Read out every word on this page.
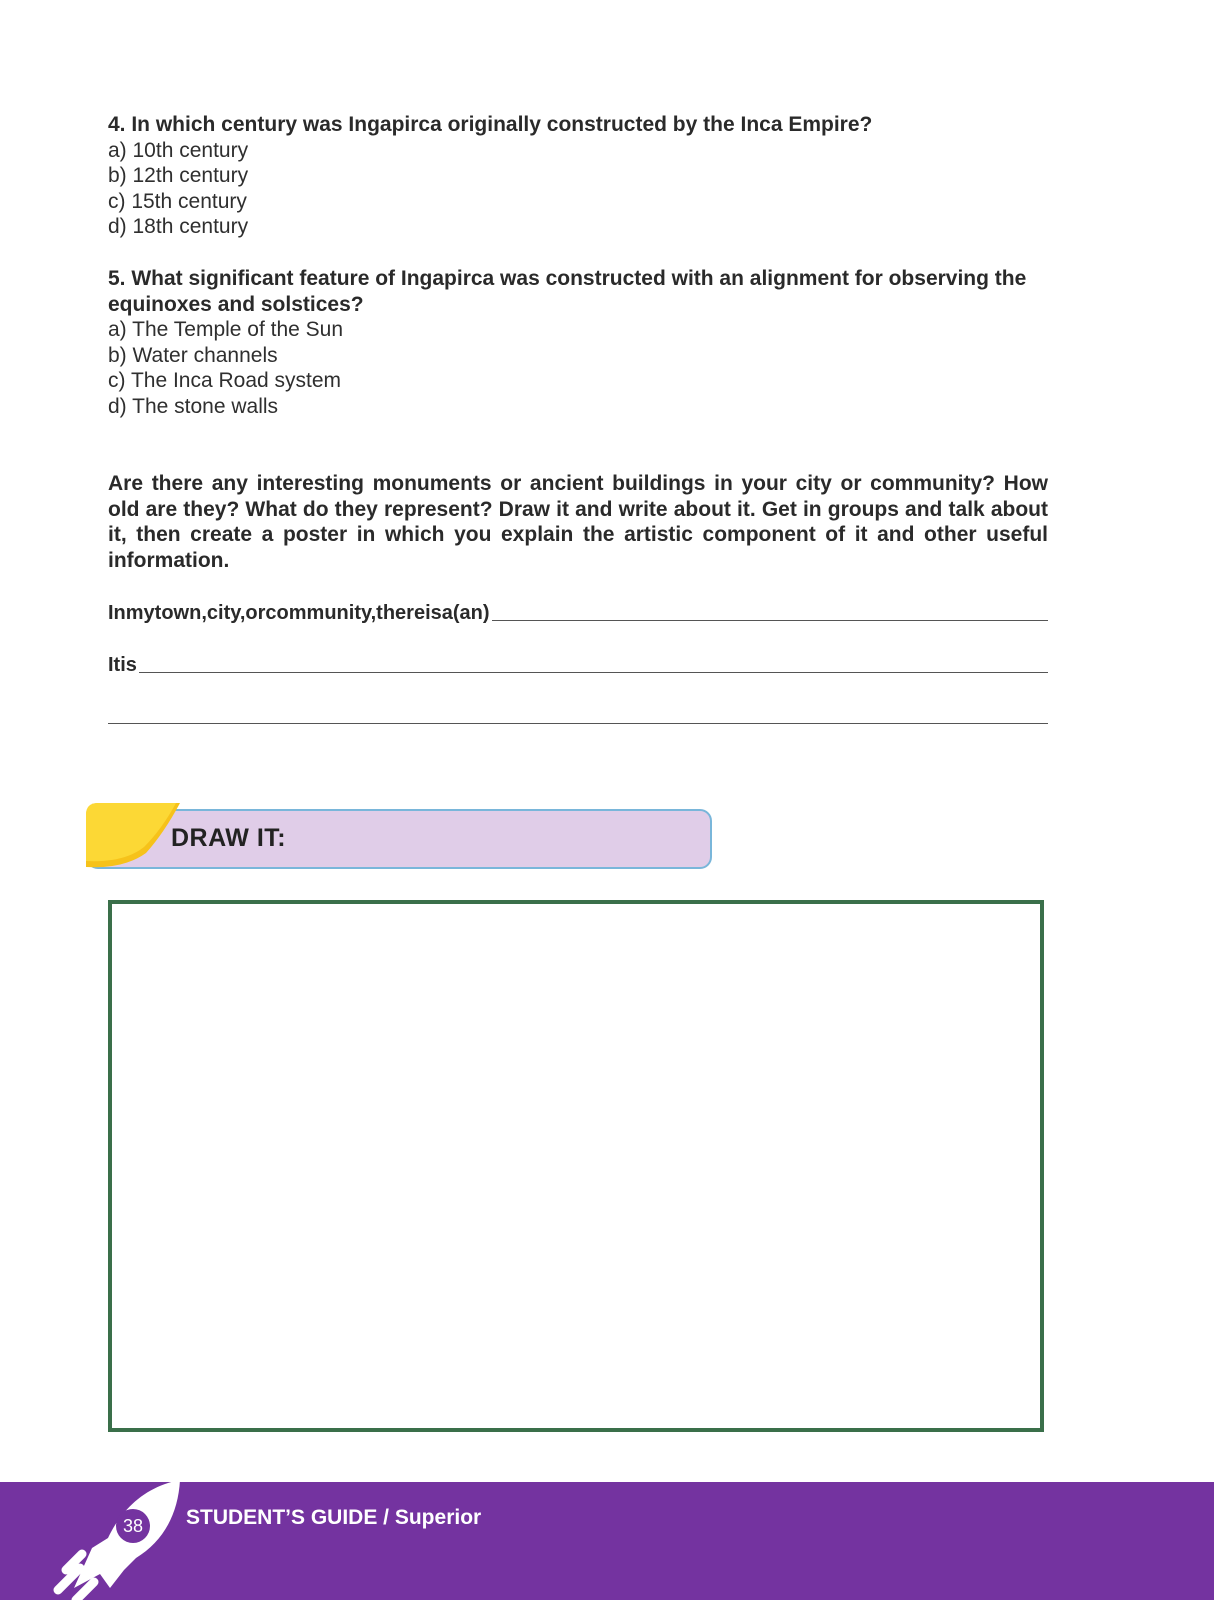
4. In which century was Ingapirca originally constructed by the Inca Empire?
a) 10th century
b) 12th century
c) 15th century
d) 18th century
5. What significant feature of Ingapirca was constructed with an alignment for observing the equinoxes and solstices?
a) The Temple of the Sun
b) Water channels
c) The Inca Road system
d) The stone walls
Are there any interesting monuments or ancient buildings in your city or community? How old are they? What do they represent? Draw it and write about it. Get in groups and talk about it, then create a poster in which you explain the artistic component of it and other useful information.
Inmytown,city,orcommunity,thereisa(an)
Itis
DRAW IT:
38	STUDENT’S GUIDE / Superior
